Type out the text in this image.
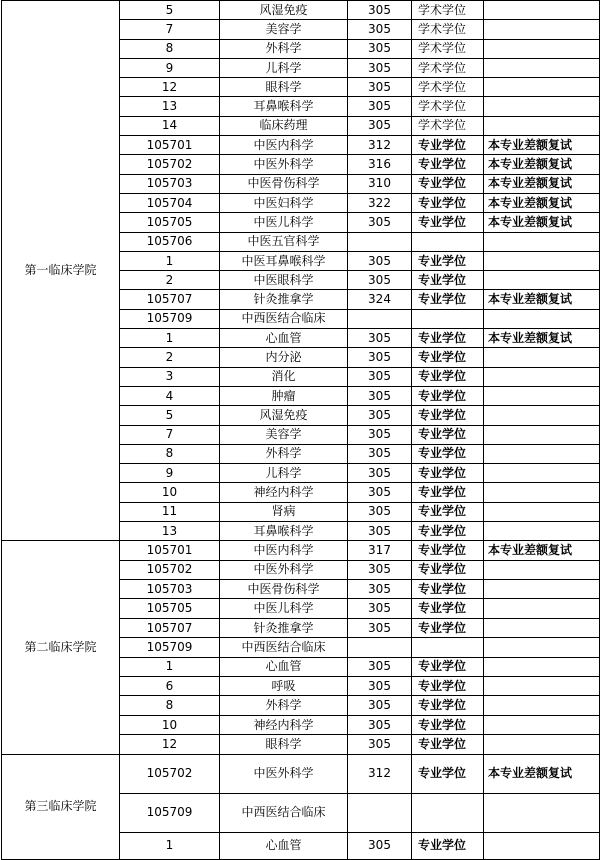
第一临床学院	5	风湿免疫	305	学术学位	
	7	美容学	305	学术学位	
	8	外科学	305	学术学位	
	9	儿科学	305	学术学位	
	12	眼科学	305	学术学位	
	13	耳鼻喉科学	305	学术学位	
	14	临床药理	305	学术学位	
	105701	中医内科学	312	专业学位	本专业差额复试
	105702	中医外科学	316	专业学位	本专业差额复试
	105703	中医骨伤科学	310	专业学位	本专业差额复试
	105704	中医妇科学	322	专业学位	本专业差额复试
	105705	中医儿科学	305	专业学位	本专业差额复试
	105706	中医五官科学			
	1	中医耳鼻喉科学	305	专业学位	
	2	中医眼科学	305	专业学位	
	105707	针灸推拿学	324	专业学位	本专业差额复试
	105709	中西医结合临床			
	1	心血管	305	专业学位	本专业差额复试
	2	内分泌	305	专业学位	
	3	消化	305	专业学位	
	4	肿瘤	305	专业学位	
	5	风湿免疫	305	专业学位	
	7	美容学	305	专业学位	
	8	外科学	305	专业学位	
	9	儿科学	305	专业学位	
	10	神经内科学	305	专业学位	
	11	肾病	305	专业学位	
	13	耳鼻喉科学	305	专业学位	
第二临床学院	105701	中医内科学	317	专业学位	本专业差额复试
	105702	中医外科学	305	专业学位	
	105703	中医骨伤科学	305	专业学位	
	105705	中医儿科学	305	专业学位	
	105707	针灸推拿学	305	专业学位	
	105709	中西医结合临床			
	1	心血管	305	专业学位	
	6	呼吸	305	专业学位	
	8	外科学	305	专业学位	
	10	神经内科学	305	专业学位	
	12	眼科学	305	专业学位	
第三临床学院	105702	中医外科学	312	专业学位	本专业差额复试
	105709	中西医结合临床			
	1	心血管	305	专业学位	
